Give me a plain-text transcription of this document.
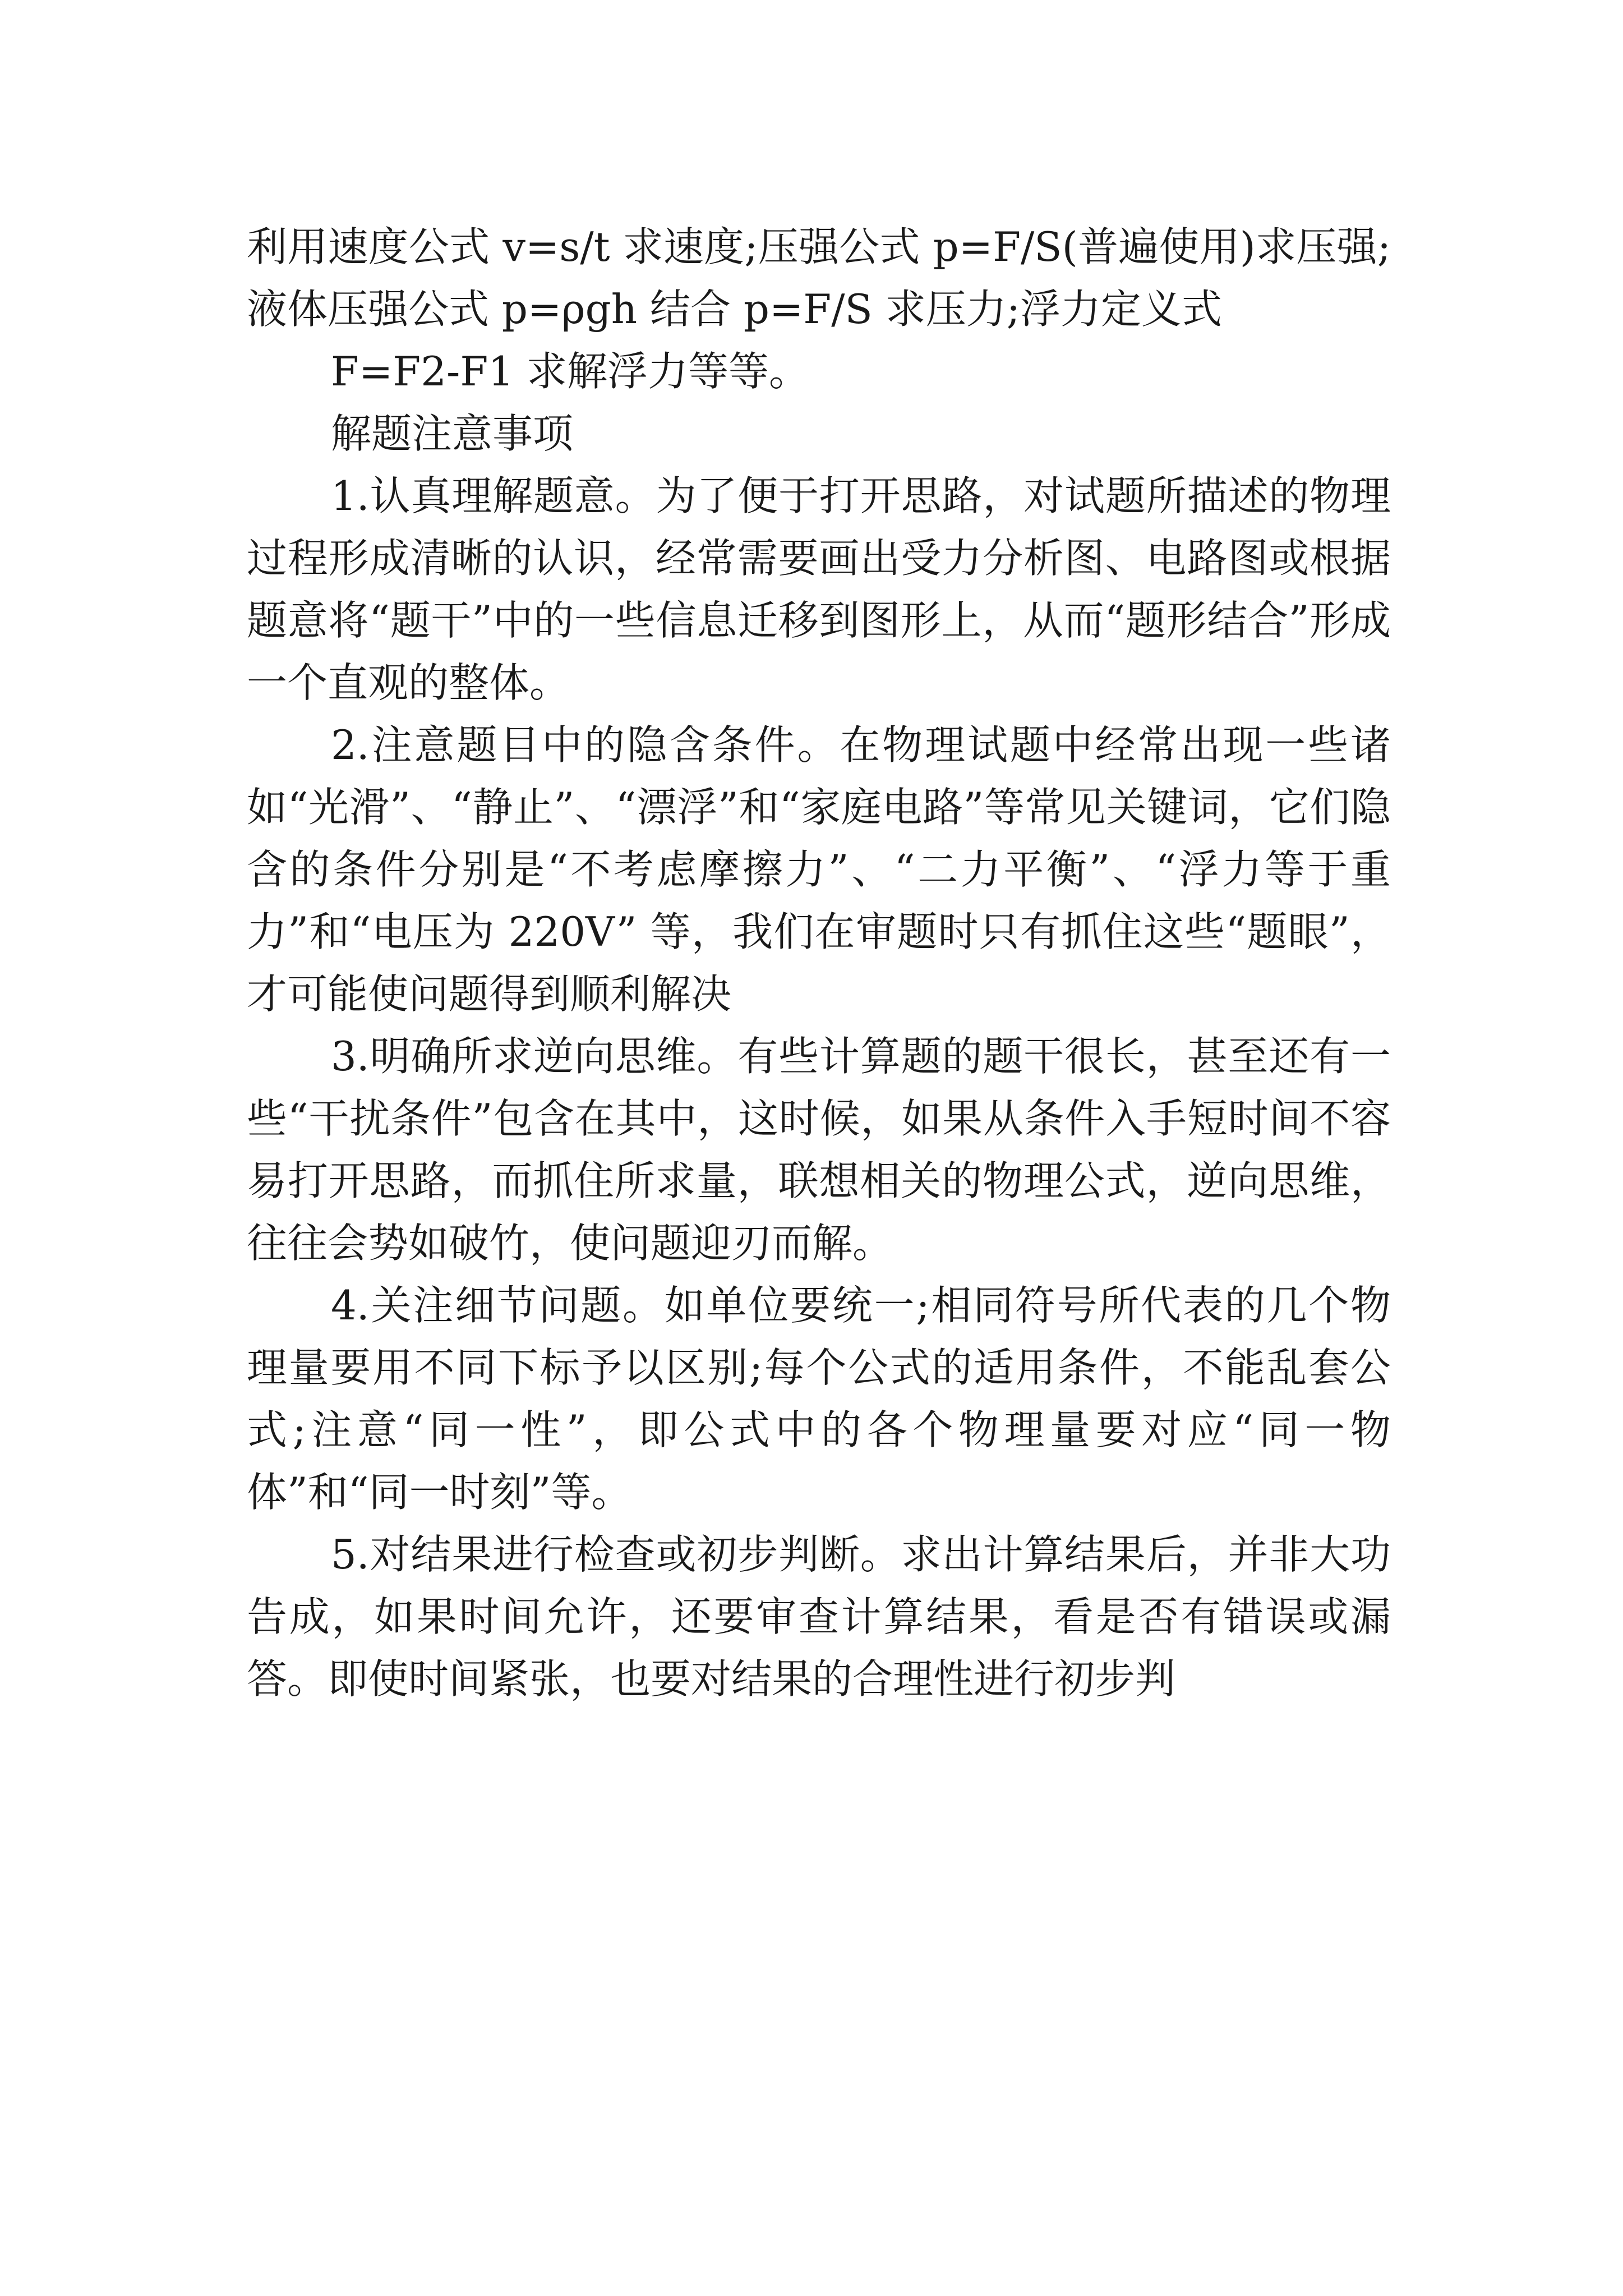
利用速度公式 v=s/t 求速度;压强公式 p=F/S(普遍使用)求压强;液体压强公式 p=ρgh 结合 p=F/S 求压力;浮力定义式

F=F2-F1 求解浮力等等。

解题注意事项

1.认真理解题意。为了便于打开思路，对试题所描述的物理过程形成清晰的认识，经常需要画出受力分析图、电路图或根据题意将“题干”中的一些信息迁移到图形上，从而“题形结合”形成一个直观的整体。

2.注意题目中的隐含条件。在物理试题中经常出现一些诸如“光滑”、“静止”、“漂浮”和“家庭电路”等常见关键词，它们隐含的条件分别是“不考虑摩擦力”、“二力平衡”、“浮力等于重力”和“电压为 220V” 等，我们在审题时只有抓住这些“题眼”，才可能使问题得到顺利解决

3.明确所求逆向思维。有些计算题的题干很长，甚至还有一些“干扰条件”包含在其中，这时候，如果从条件入手短时间不容易打开思路，而抓住所求量，联想相关的物理公式，逆向思维，往往会势如破竹，使问题迎刃而解。

4.关注细节问题。如单位要统一;相同符号所代表的几个物理量要用不同下标予以区别;每个公式的适用条件，不能乱套公式;注意“同一性”，即公式中的各个物理量要对应“同一物体”和“同一时刻”等。

5.对结果进行检查或初步判断。求出计算结果后，并非大功告成，如果时间允许，还要审查计算结果，看是否有错误或漏答。即使时间紧张，也要对结果的合理性进行初步判
